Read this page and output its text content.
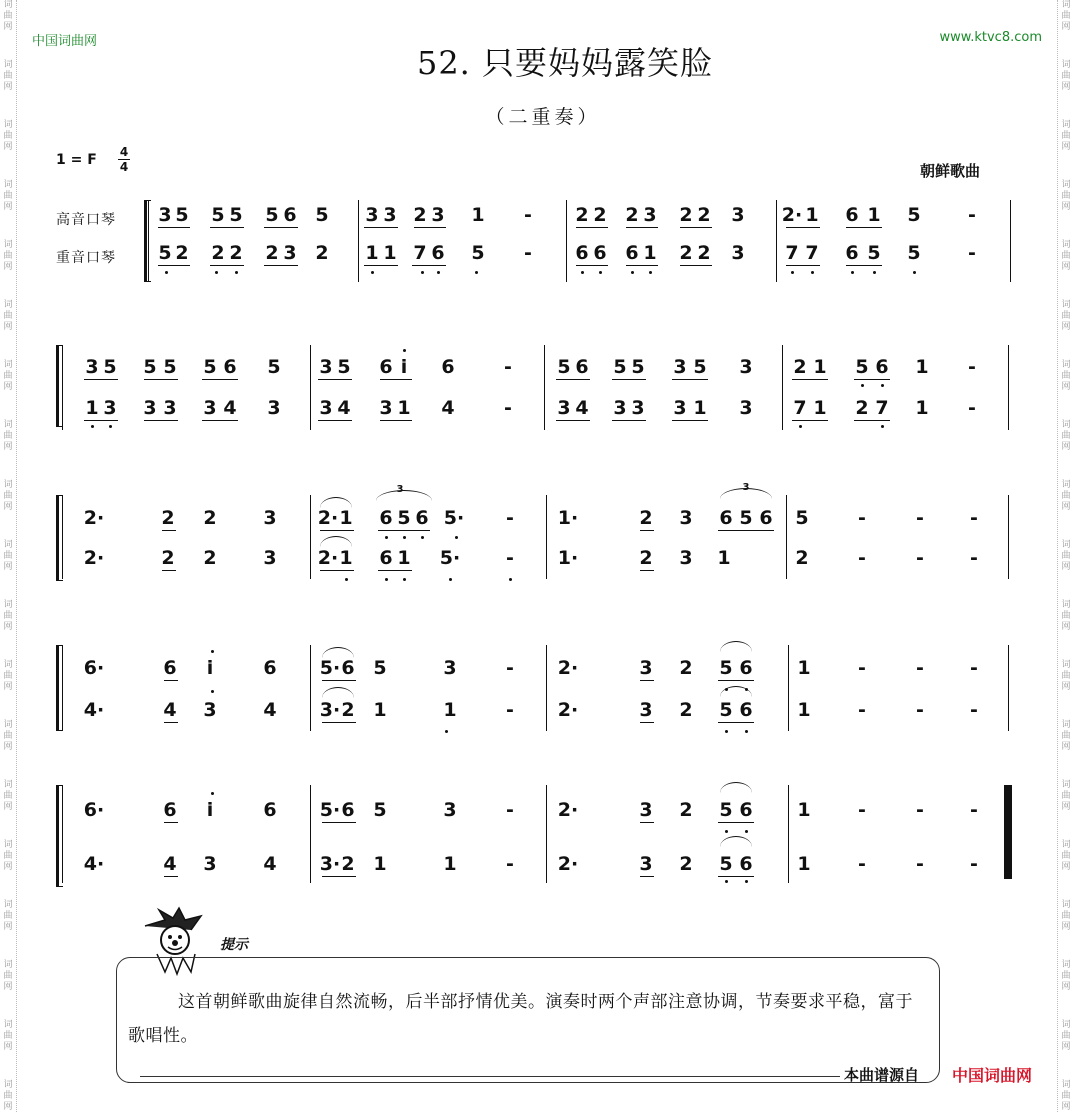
词
曲
网
词
曲
网
词
曲
网
词
曲
网
词
曲
网
词
曲
网
词
曲
网
词
曲
网
词
曲
网
词
曲
网
词
曲
网
词
曲
网
词
曲
网
词
曲
网
词
曲
网
词
曲
网
词
曲
网
词
曲
网
词
曲
网
词
曲
网
词
曲
网
词
曲
网
词
曲
网
词
曲
网
词
曲
网
词
曲
网
词
曲
网
词
曲
网
词
曲
网
词
曲
网
词
曲
网
词
曲
网
词
曲
网
词
曲
网
词
曲
网
词
曲
网
词
曲
网
词
曲
网
中国词曲网	www.ktvc8.com
52. 只要妈妈露笑脸
（二重奏）
1 = F 4
4	朝鲜歌曲
高音口琴
重音口琴
3 5 5 5 5 6 5 3 3 2 3 1 - 2 2 2 3 2 2 3 2· 1 6 1 5 -
5 2 2 2 2 3 2 1 1 7 6 5 - 6 6 6 1 2 2 3 7 7 6 5 5 -
3 5 5 5 5 6 5 3 5 6 i 6	- 5 6 5 5 3 5 3 2 1 5 6 1 -
1 3 3 3 3 4 3 3 4 3 1 4	- 3 4 3 3 3 1 3 7 1 2 7 1 -
2·	2 2 3 2· 1 6 5 6 5· - 1·	2 3 6 5 6 5	-	- -
2·	2 2 3 2· 1 6 1 5· - 1·	2 3 1	2	-	- -
6·	6 i	6 5· 6 5	3	- 2·	3 2 5 6 1 -	- -
4·	4 3 4 3· 2 1	1	- 2·	3 2 5 6 1 -	- -
6·	6 i	6 5· 6 5	3	- 2·	3 2 5 6 1 -	- -
4·	4 3 4 3· 2 1	1	- 2·	3 2 5 6 1 -	- -
3	3
提示
这首朝鲜歌曲旋律自然流畅，后半部抒情优美。演奏时两个声部注意协调，节奏要求平稳，富于歌唱性。
本曲谱源自 中国词曲网
